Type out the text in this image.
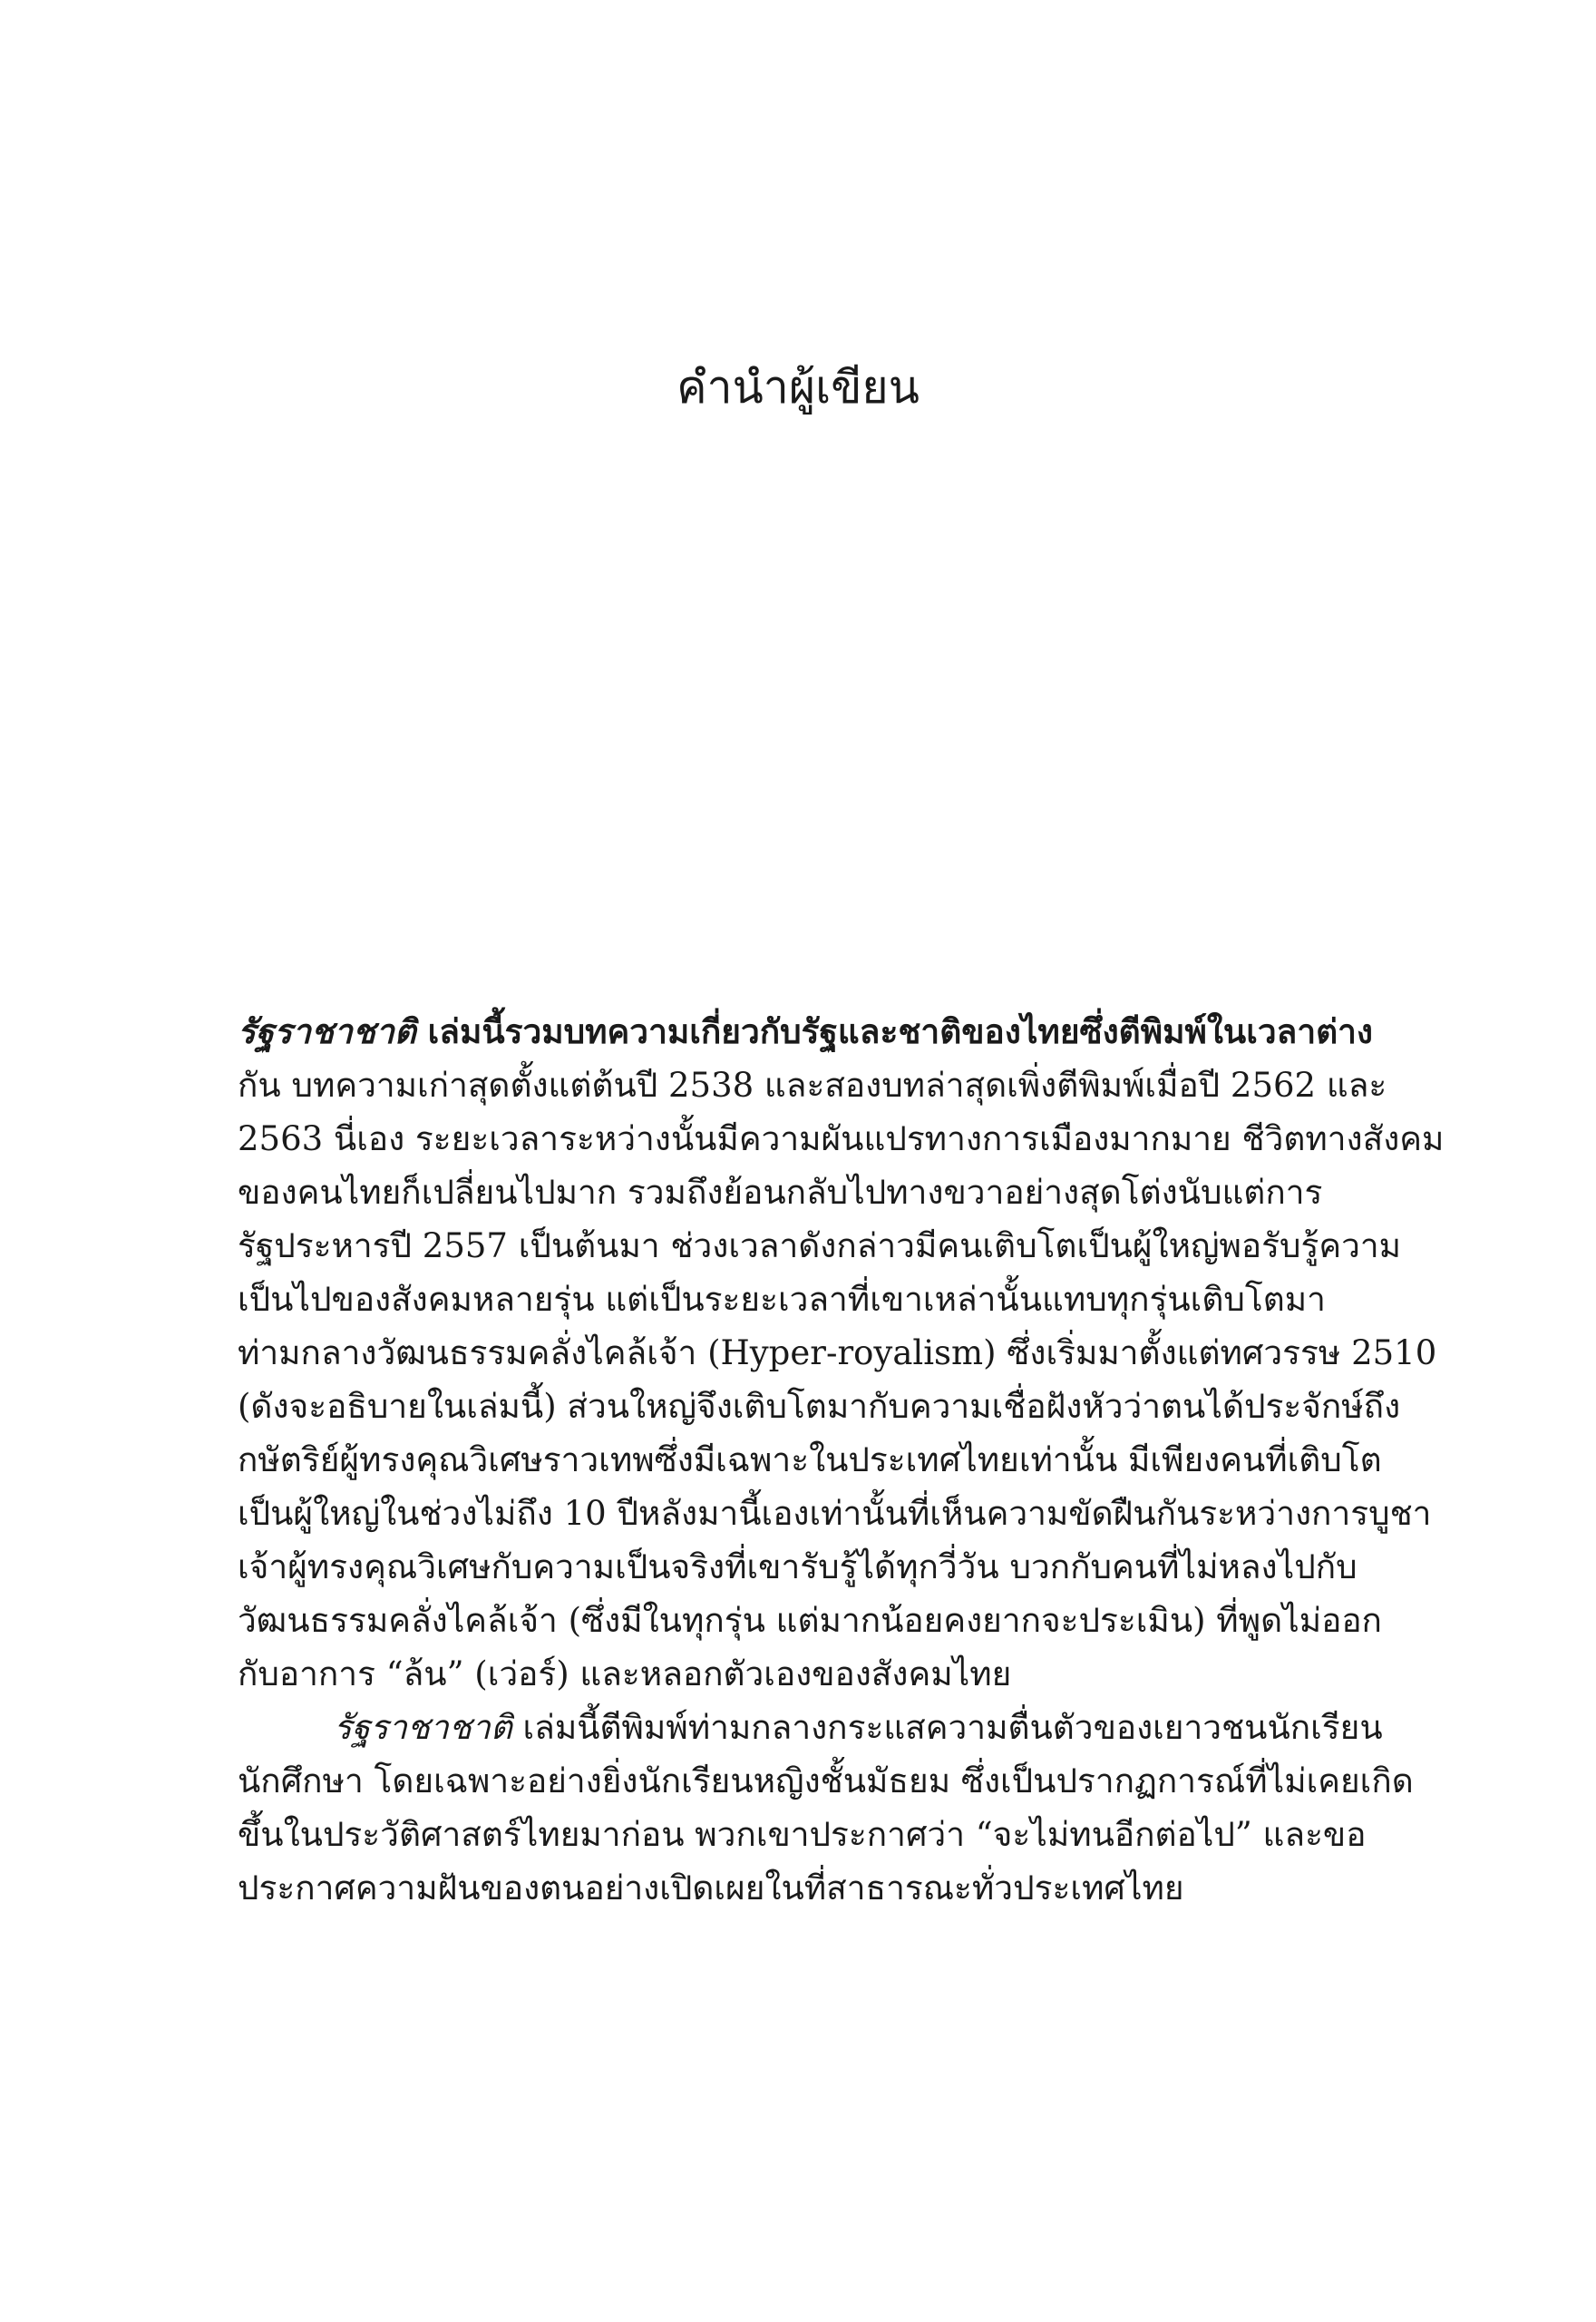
คำนำผู้เขียน
รัฐราชาชาติ เล่มนี้รวมบทความเกี่ยวกับรัฐและชาติของไทยซึ่งตีพิมพ์ในเวลาต่าง
กัน บทความเก่าสุดตั้งแต่ต้นปี 2538 และสองบทล่าสุดเพิ่งตีพิมพ์เมื่อปี 2562 และ
2563 นี่เอง ระยะเวลาระหว่างนั้นมีความผันแปรทางการเมืองมากมาย ชีวิตทางสังคม
ของคนไทยก็เปลี่ยนไปมาก รวมถึงย้อนกลับไปทางขวาอย่างสุดโต่งนับแต่การ
รัฐประหารปี 2557 เป็นต้นมา ช่วงเวลาดังกล่าวมีคนเติบโตเป็นผู้ใหญ่พอรับรู้ความ
เป็นไปของสังคมหลายรุ่น แต่เป็นระยะเวลาที่เขาเหล่านั้นแทบทุกรุ่นเติบโตมา
ท่ามกลางวัฒนธรรมคลั่งไคล้เจ้า (Hyper-royalism) ซึ่งเริ่มมาตั้งแต่ทศวรรษ 2510
(ดังจะอธิบายในเล่มนี้) ส่วนใหญ่จึงเติบโตมากับความเชื่อฝังหัวว่าตนได้ประจักษ์ถึง
กษัตริย์ผู้ทรงคุณวิเศษราวเทพซึ่งมีเฉพาะในประเทศไทยเท่านั้น มีเพียงคนที่เติบโต
เป็นผู้ใหญ่ในช่วงไม่ถึง 10 ปีหลังมานี้เองเท่านั้นที่เห็นความขัดฝืนกันระหว่างการบูชา
เจ้าผู้ทรงคุณวิเศษกับความเป็นจริงที่เขารับรู้ได้ทุกวี่วัน บวกกับคนที่ไม่หลงไปกับ
วัฒนธรรมคลั่งไคล้เจ้า (ซึ่งมีในทุกรุ่น แต่มากน้อยคงยากจะประเมิน) ที่พูดไม่ออก
กับอาการ “ล้น” (เว่อร์) และหลอกตัวเองของสังคมไทย
รัฐราชาชาติ เล่มนี้ตีพิมพ์ท่ามกลางกระแสความตื่นตัวของเยาวชนนักเรียน
นักศึกษา โดยเฉพาะอย่างยิ่งนักเรียนหญิงชั้นมัธยม ซึ่งเป็นปรากฏการณ์ที่ไม่เคยเกิด
ขึ้นในประวัติศาสตร์ไทยมาก่อน พวกเขาประกาศว่า “จะไม่ทนอีกต่อไป” และขอ
ประกาศความฝันของตนอย่างเปิดเผยในที่สาธารณะทั่วประเทศไทย
